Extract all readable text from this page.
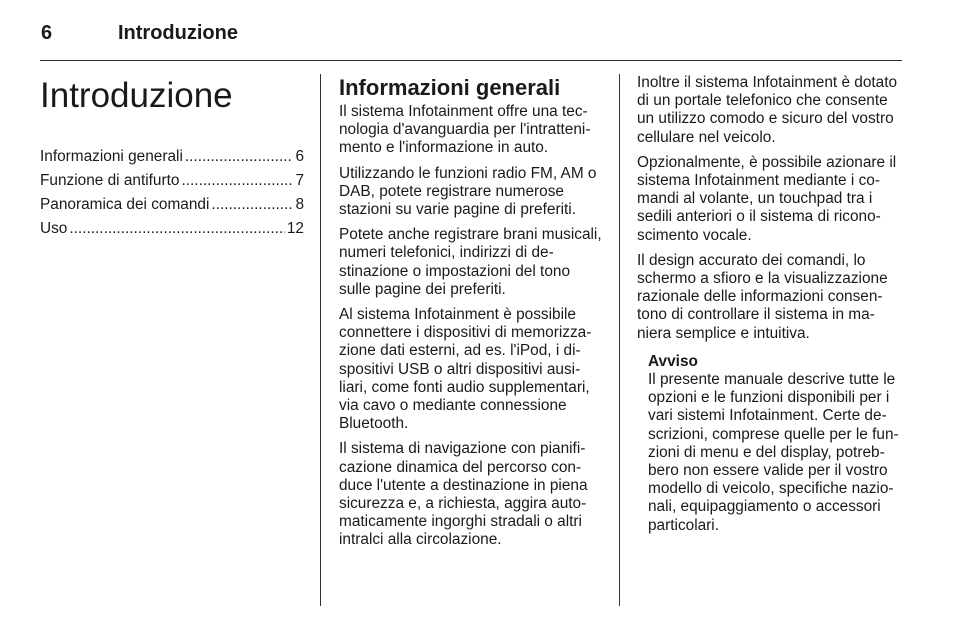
6	Introduzione
Introduzione
Informazioni generali .....	6
Funzione di antifurto .....	7
Panoramica dei comandi .....	8
Uso .....	12
Informazioni generali

Il sistema Infotainment offre una tecnologia d'avanguardia per l'intrattenimento e l'informazione in auto.

Utilizzando le funzioni radio FM, AM o DAB, potete registrare numerose stazioni su varie pagine di preferiti.

Potete anche registrare brani musicali, numeri telefonici, indirizzi di destinazione o impostazioni del tono sulle pagine dei preferiti.

Al sistema Infotainment è possibile connettere i dispositivi di memorizzazione dati esterni, ad es. l'iPod, i dispositivi USB o altri dispositivi ausiliari, come fonti audio supplementari, via cavo o mediante connessione Bluetooth.

Il sistema di navigazione con pianificazione dinamica del percorso conduce l'utente a destinazione in piena sicurezza e, a richiesta, aggira automaticamente ingorghi stradali o altri intralci alla circolazione.

Inoltre il sistema Infotainment è dotato di un portale telefonico che consente un utilizzo comodo e sicuro del vostro cellulare nel veicolo.

Opzionalmente, è possibile azionare il sistema Infotainment mediante i comandi al volante, un touchpad tra i sedili anteriori o il sistema di riconoscimento vocale.

Il design accurato dei comandi, lo schermo a sfioro e la visualizzazione razionale delle informazioni consentono di controllare il sistema in maniera semplice e intuitiva.

Avviso
Il presente manuale descrive tutte le opzioni e le funzioni disponibili per i vari sistemi Infotainment. Certe descrizioni, comprese quelle per le funzioni di menu e del display, potrebbero non essere valide per il vostro modello di veicolo, specifiche nazionali, equipaggiamento o accessori particolari.
